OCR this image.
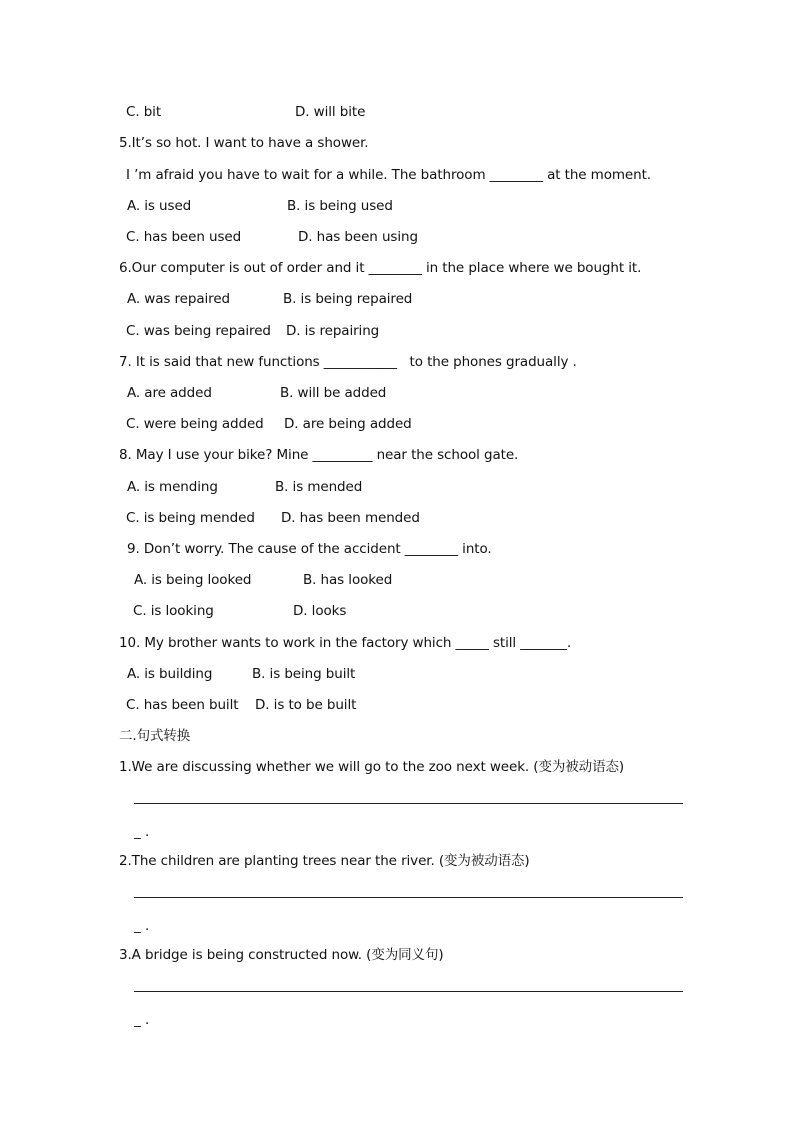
C. bit	D. will bite
5.It’s so hot. I want to have a shower.
I ’m afraid you have to wait for a while. The bathroom ________ at the moment.
A. is used	B. is being used
C. has been used	D. has been using
6.Our computer is out of order and it ________ in the place where we bought it.
A. was repaired	B. is being repaired
C. was being repaired D. is repairing
7. It is said that new functions ___________   to the phones gradually .
A. are added	B. will be added
C. were being added D. are being added
8. May I use your bike? Mine _________ near the school gate.
A. is mending	B. is mended
C. is being mended D. has been mended
9. Don’t worry. The cause of the accident ________ into.
A. is being looked	B. has looked
C. is looking	D. looks
10. My brother wants to work in the factory which _____ still _______.
A. is building	B. is being built
C. has been built D. is to be built
二.句式转换
1.We are discussing whether we will go to the zoo next week. (变为被动语态)
2.The children are planting trees near the river. (变为被动语态)
3.A bridge is being constructed now. (变为同义句)
_ .
_ .
_ .
